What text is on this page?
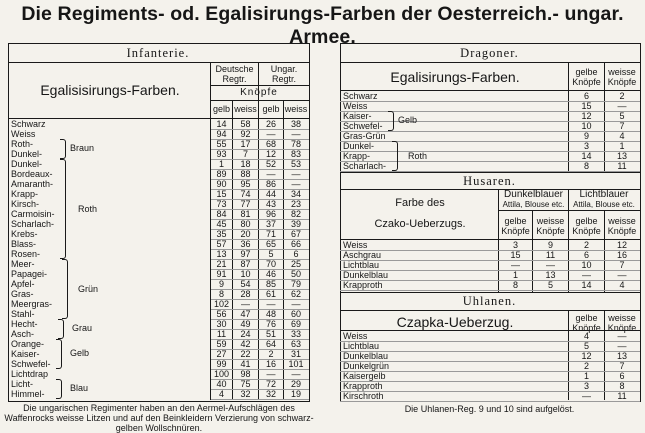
Die Regiments- od. Egalisirungs-Farben der Oesterreich.- ungar. Armee.
Infanterie.
Egalisisirungs-Farben.
Deutsche Regtr.
Ungar. Regtr.
Knöpfe
gelb weiss gelb weiss
Schwarz	14	58	26	38
Weiss	94	92	—	—
Roth-	55	17	68	78
Dunkel-	93	7	12	83
Dunkel-	1	18	52	53
Bordeaux-	89	88	—	—
Amaranth-	90	95	86	—
Krapp-	15	74	44	34
Kirsch-	73	77	43	23
Carmoisin-	84	81	96	82
Scharlach-	45	80	37	39
Krebs-	35	20	71	67
Blass-	57	36	65	66
Rosen-	13	97	5	6
Meer-	21	87	70	25
Papagei-	91	10	46	50
Apfel-	9	54	85	79
Gras-	8	28	61	62
Meergras-	102	—	—	—
Stahl-	56	47	48	60
Hecht-	30	49	76	69
Asch-	11	24	51	33
Orange-	59	42	64	63
Kaiser-	27	22	2	31
Schwefel-	99	41	16	101
Lichtdrap	100	98	—	—
Licht-	40	75	72	29
Himmel-	4	32	32	19
Braun
Roth
Grün
Grau
Gelb
Blau
Die ungarischen Regimenter haben an den Aermel-Aufschlägen des Waffenrocks weisse Litzen und auf den Beinkleidern Verzierung von schwarz-gelben Wollschnüren.
Dragoner.
Egalisirungs-Farben.	gelbe Knöpfe
weisse Knöpfe
Schwarz	6	2
Weiss	15	—
Kaiser-	12	5
Schwefel-	10	7
Gras-Grün	9	4
Dunkel-	3	1
Krapp-	14	13
Scharlach-	8	11
Gelb
Roth
Husaren.
Farbe des
Czako-Ueberzugs.
Dunkelblauer
Attila, Blouse etc.
Lichtblauer
Attila, Blouse etc.
gelbe Knöpfe
weisse Knöpfe
gelbe Knöpfe
weisse Knöpfe
Weiss	3	9	2	12
Aschgrau	15	11	6	16
Lichtblau	—	—	10	7
Dunkelblau	1	13	—	—
Krapproth	8	5	14	4
Uhlanen.
Czapka-Ueberzug.	gelbe Knöpfe
weisse Knöpfe
Weiss	4	—
Lichtblau	5	—
Dunkelblau	12	13
Dunkelgrün	2	7
Kaisergelb	1	6
Krapproth	3	8
Kirschroth	—	11
Die Uhlanen-Reg. 9 und 10 sind aufgelöst.
